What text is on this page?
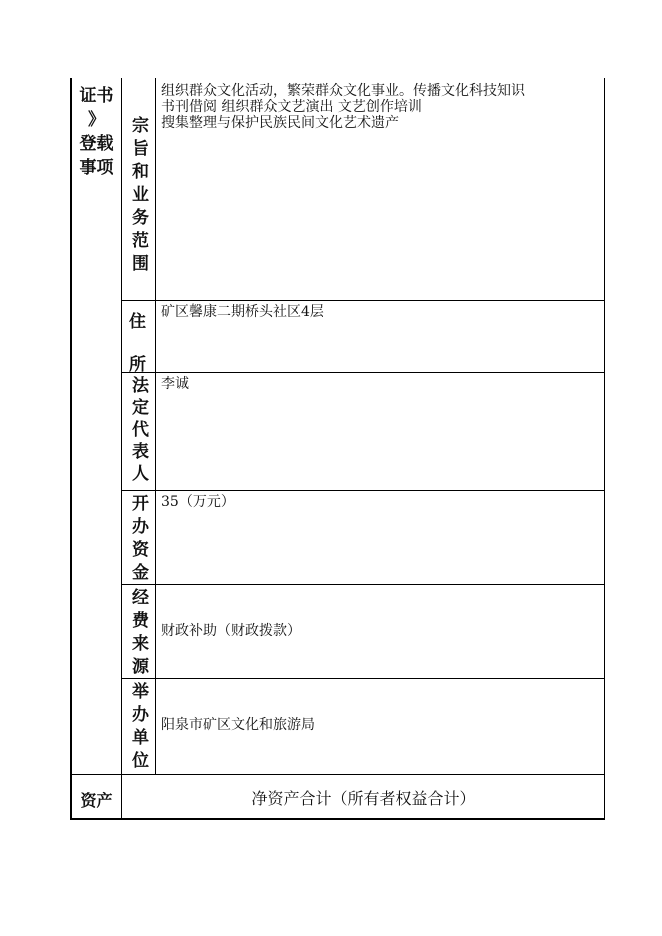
证书
》
登载
事项 宗旨和业务范围
组织群众文化活动，繁荣群众文化事业。传播文化科技知识
书刊借阅 组织群众文艺演出 文艺创作培训
搜集整理与保护民族民间文化艺术遗产
住
所
矿区馨康二期桥头社区4层
法定代表人 李诚
开办资金 35（万元）
经费来源 财政补助（财政拨款）
举办单位 阳泉市矿区文化和旅游局
资产	净资产合计（所有者权益合计）
